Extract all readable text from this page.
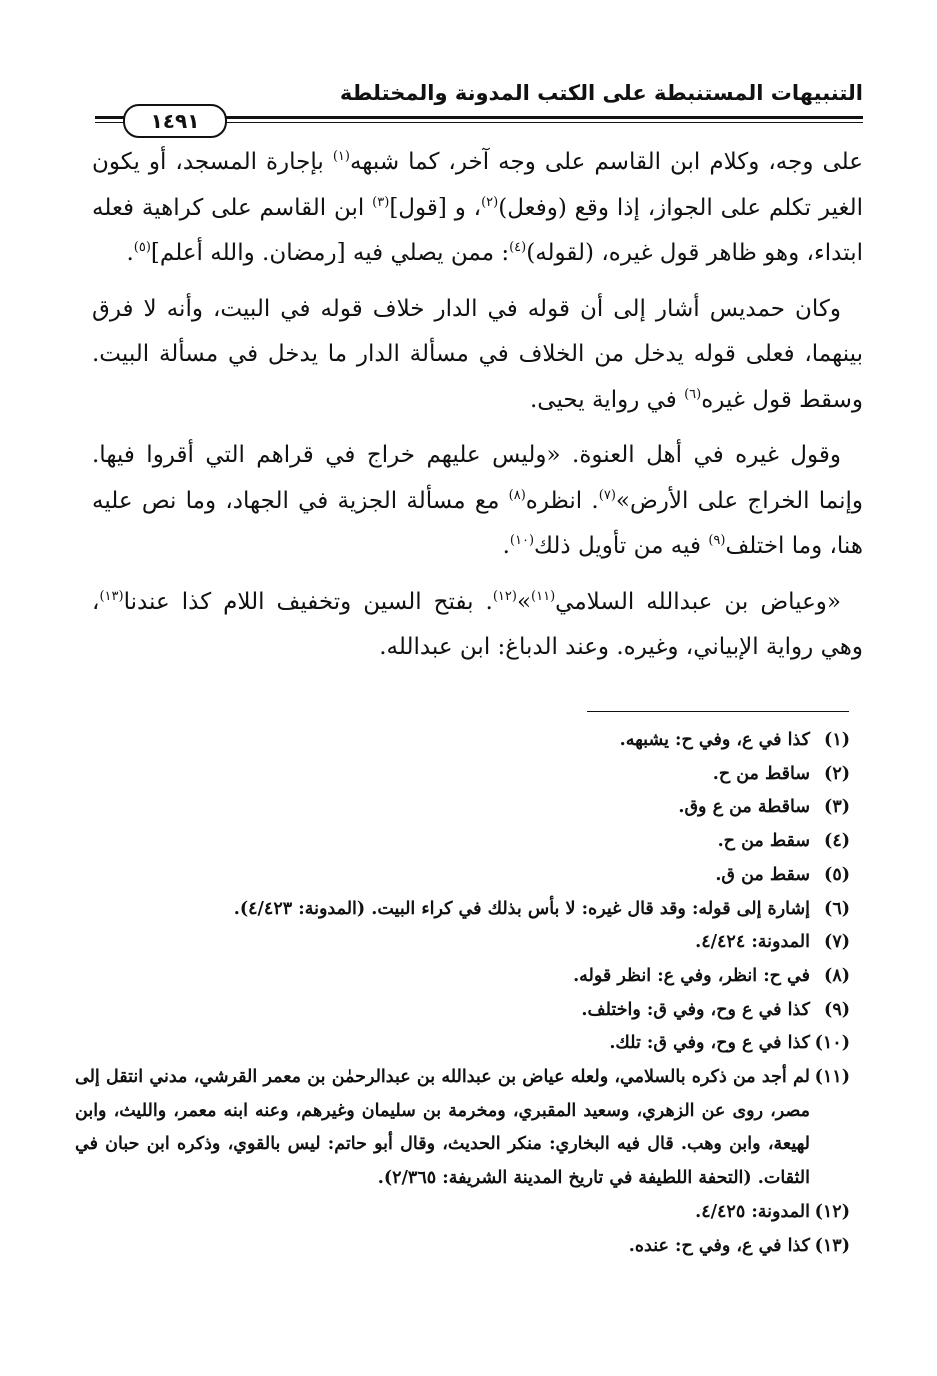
التنبيهات المستنبطة على الكتب المدونة والمختلطة
١٤٩١

على وجه، وكلام ابن القاسم على وجه آخر، كما شبهه$^{(١)}$ بإجارة المسجد، أو يكون الغير تكلم على الجواز، إذا وقع (وفعل)$^{(٢)}$، و [قول]$^{(٣)}$ ابن القاسم على كراهية فعله ابتداء، وهو ظاهر قول غيره، (لقوله)$^{(٤)}$: ممن يصلي فيه [رمضان. والله أعلم]$^{(٥)}$.

وكان حمديس أشار إلى أن قوله في الدار خلاف قوله في البيت، وأنه لا فرق بينهما، فعلى قوله يدخل من الخلاف في مسألة الدار ما يدخل في مسألة البيت. وسقط قول غيره$^{(٦)}$ في رواية يحيى.

وقول غيره في أهل العنوة. «وليس عليهم خراج في قراهم التي أقروا فيها. وإنما الخراج على الأرض»$^{(٧)}$. انظره$^{(٨)}$ مع مسألة الجزية في الجهاد، وما نص عليه هنا، وما اختلف$^{(٩)}$ فيه من تأويل ذلك$^{(١٠)}$.

«وعياض بن عبدالله السلامي$^{(١١)}$»$^{(١٢)}$. بفتح السين وتخفيف اللام كذا عندنا$^{(١٣)}$، وهي رواية الإبياني، وغيره. وعند الدباغ: ابن عبدالله.

(١)
كذا في ع، وفي ح: يشبهه.
(٢)
ساقط من ح.
(٣)
ساقطة من ع وق.
(٤)
سقط من ح.
(٥)
سقط من ق.
(٦)
إشارة إلى قوله: وقد قال غيره: لا بأس بذلك في كراء البيت. (المدونة: ٤/٤٢٣).
(٧)
المدونة: ٤/٤٢٤.
(٨)
في ح: انظر، وفي ع: انظر قوله.
(٩)
كذا في ع وح، وفي ق: واختلف.
(١٠)
كذا في ع وح، وفي ق: تلك.
(١١)
لم أجد من ذكره بالسلامي، ولعله عياض بن عبدالله بن عبدالرحمٰن بن معمر القرشي، مدني انتقل إلى مصر، روى عن الزهري، وسعيد المقبري، ومخرمة بن سليمان وغيرهم، وعنه ابنه معمر، والليث، وابن لهيعة، وابن وهب. قال فيه البخاري: منكر الحديث، وقال أبو حاتم: ليس بالقوي، وذكره ابن حبان في الثقات. (التحفة اللطيفة في تاريخ المدينة الشريفة: ٢/٣٦٥).
(١٢)
المدونة: ٤/٤٢٥.
(١٣)
كذا في ع، وفي ح: عنده.
